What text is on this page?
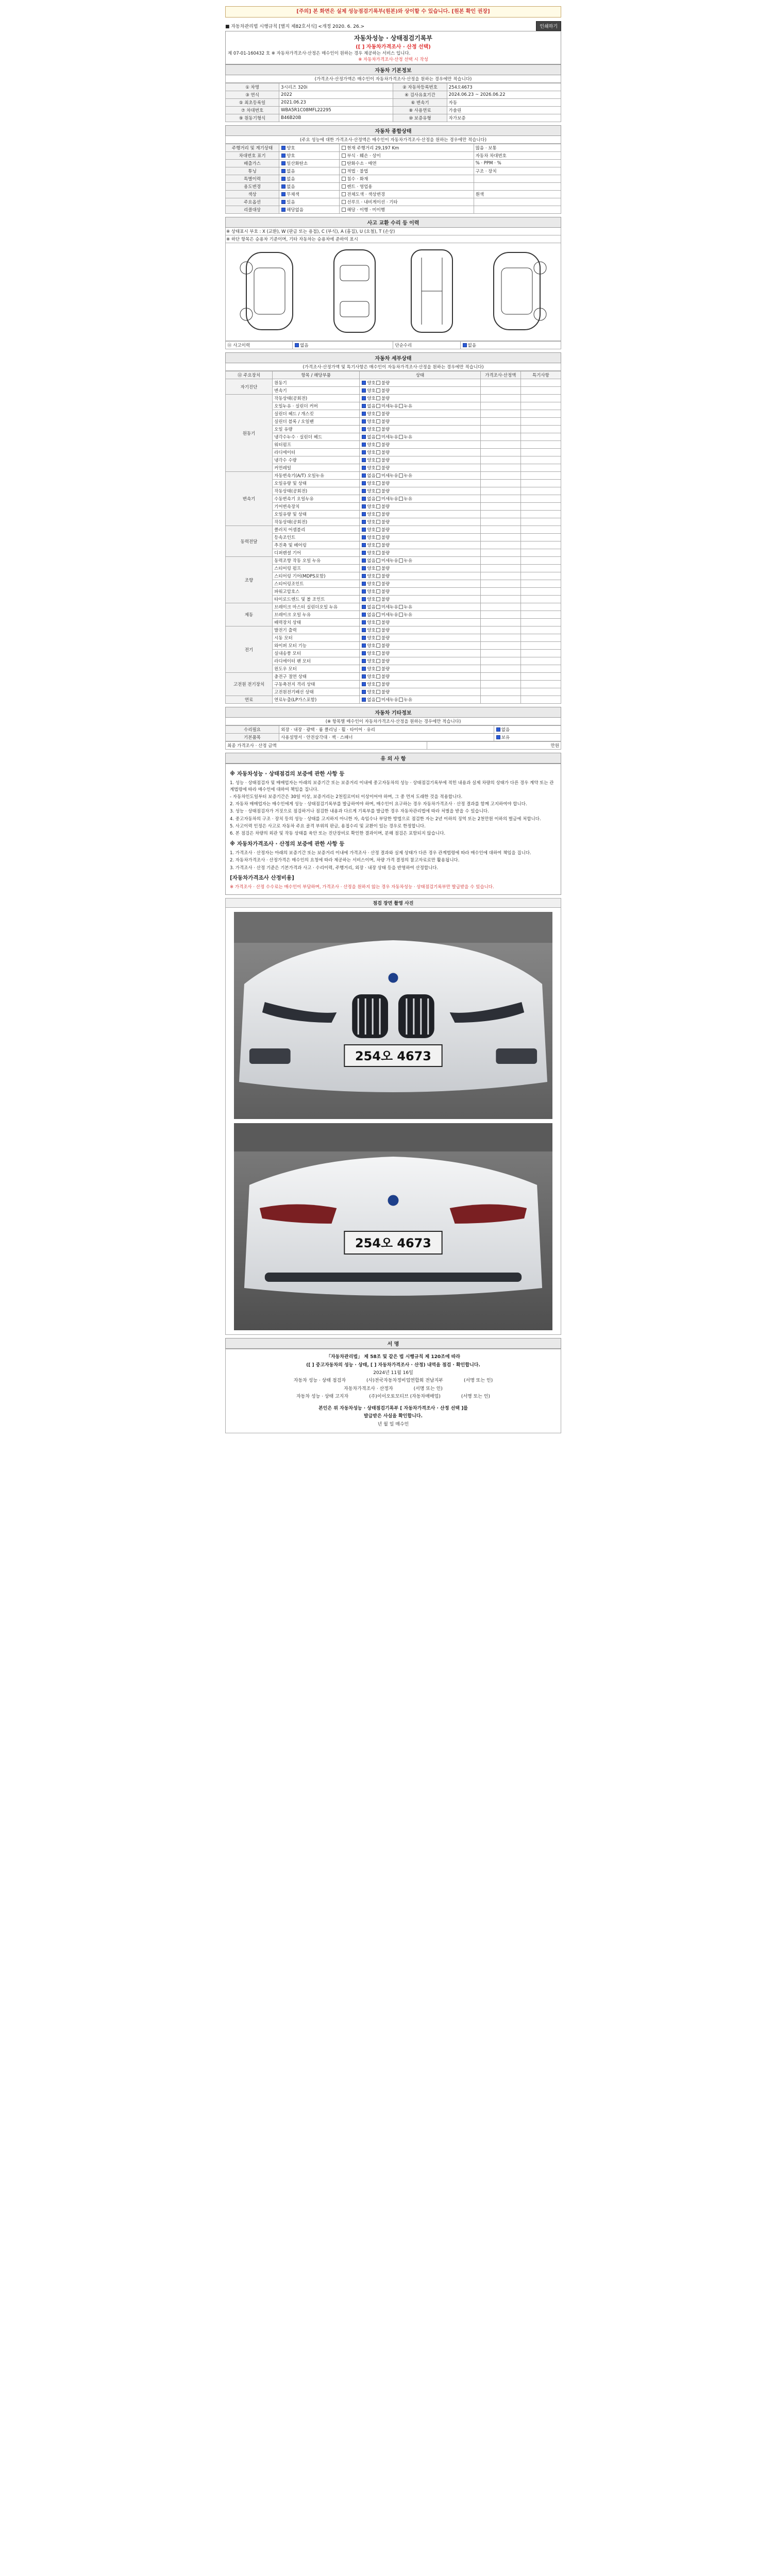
[주의] 본 화면은 실제 성능점검기록부(원본)와 상이할 수 있습니다. [원본 확인 권장]
■ 자동차관리법 시행규칙 [별지 제82호서식] <개정 2020. 6. 26.>	인쇄하기
자동차성능 · 상태점검기록부
([ ] 자동차가격조사 · 산정 선택)
제 07-01-160432 호 ※ 자동차가격조사·산정은 매수인이 원하는 경우 제공하는 서비스 입니다.
※ 자동차가격조사·산정 선택 시 작성
자동차 기본정보
(가격조사·산정가액은 매수인이 자동차가격조사·산정을 원하는 경우에만 적습니다)
① 차명	3시리즈 320i	② 자동차등록번호	254오4673
③ 연식	2022	④ 검사유효기간	2024.06.23 ~ 2026.06.22
⑤ 최초등록일	2021.06.23	⑥ 변속기	자동
⑦ 차대번호	WBA5R1C08MFL22295	⑧ 사용연료	가솔린
⑨ 원동기형식	B46B20B	⑩ 보증유형	자가보증
자동차 종합상태
(주요 성능에 대한 가격조사·산정액은 매수인이 자동차가격조사·산정을 원하는 경우에만 적습니다)
주행거리 및 계기상태	양호	현재 주행거리 29,197 Km	많음 · 보통
차대번호 표기	양호	부식 · 훼손 · 상이	자동차 차대번호
배출가스	일산화탄소	탄화수소 · 매연	% · PPM · %
튜닝	없음	적법 · 불법	구조 · 장치
특별이력	없음	침수 · 화재	
용도변경	없음	렌트 · 영업용	
색상	무채색	전체도색 · 색상변경	흰색
주요옵션	있음	선루프 · 내비게이션 · 기타	
리콜대상	해당없음	해당 · 이행 · 미이행	
사고 교환 수리 등 이력
※ 상태표시 부호 : X (교환), W (판금 또는 용접), C (부식), A (흠집), U (요철), T (손상)
※ 하단 항목은 승용차 기준이며, 기타 자동차는 승용차에 준하여 표시
⑪ 사고이력	없음	단순수리	없음
자동차 세부상태
(가격조사·산정가액 및 특기사항은 매수인이 자동차가격조사·산정을 원하는 경우에만 적습니다)
⑫ 주요장치	항목 / 해당부품	상태	가격조사·산정액	특기사항
자기진단	원동기	양호 불량		
	변속기	양호 불량		
원동기	작동상태(공회전)	양호 불량		
	오일누유 · 실린더 커버	없음 미세누유 누유		
	실린더 헤드 / 개스킷	양호 불량		
	실린더 블록 / 오일팬	양호 불량		
	오일 유량	양호 불량		
	냉각수누수 · 실린더 헤드	없음 미세누유 누유		
	워터펌프	양호 불량		
	라디에이터	양호 불량		
	냉각수 수량	양호 불량		
	커먼레일	양호 불량		
변속기	자동변속기(A/T) 오일누유	없음 미세누유 누유		
	오일유량 및 상태	양호 불량		
	작동상태(공회전)	양호 불량		
	수동변속기 오일누유	없음 미세누유 누유		
	기어변속장치	양호 불량		
	오일유량 및 상태	양호 불량		
	작동상태(공회전)	양호 불량		
동력전달	클러치 어셈블리	양호 불량		
	등속조인트	양호 불량		
	추진축 및 베어링	양호 불량		
	디퍼렌셜 기어	양호 불량		
조향	동력조향 작동 오일 누유	없음 미세누유 누유		
	스티어링 펌프	양호 불량		
	스티어링 기어(MDPS포함)	양호 불량		
	스티어링조인트	양호 불량		
	파워고압호스	양호 불량		
	타이로드엔드 및 볼 조인트	양호 불량		
제동	브레이크 마스터 실린더오일 누유	없음 미세누유 누유		
	브레이크 오일 누유	없음 미세누유 누유		
	배력장치 상태	양호 불량		
전기	발전기 출력	양호 불량		
	시동 모터	양호 불량		
	와이퍼 모터 기능	양호 불량		
	실내송풍 모터	양호 불량		
	라디에이터 팬 모터	양호 불량		
	윈도우 모터	양호 불량		
고전원 전기장치	충전구 절연 상태	양호 불량		
	구동축전지 격리 상태	양호 불량		
	고전원전기배선 상태	양호 불량		
연료	연료누출(LP가스포함)	없음 미세누유 누유		
자동차 기타정보
(※ 항목별 매수인이 자동차가격조사·산정을 원하는 경우에만 적습니다)
수리필요	외장 · 내장 · 광택 · 룸 클리닝 · 휠 · 타이어 · 유리	없음
기본품목	사용설명서 · 안전삼각대 · 잭 · 스패너	보유
최종 가격조사 · 산정 금액	만원
유 의 사 항
※ 자동차성능 · 상태점검의 보증에 관한 사항 등

1. 성능 · 상태점검자 및 매매업자는 아래의 보증기간 또는 보증거리 이내에 중고자동차의 성능 · 상태점검기록부에 적힌 내용과 실제 차량의 상태가 다른 경우 계약 또는 관계법령에 따라 매수인에 대하여 책임을 집니다.

- 자동차인도일부터 보증기간은 30일 이상, 보증거리는 2천킬로미터 이상이어야 하며, 그 중 먼저 도래한 것을 적용합니다.

2. 자동차 매매업자는 매수인에게 성능 · 상태점검기록부를 발급하여야 하며, 매수인이 요구하는 경우 자동차가격조사 · 산정 결과를 함께 고지하여야 합니다.

3. 성능 · 상태점검자가 거짓으로 점검하거나 점검한 내용과 다르게 기록부를 발급한 경우 자동차관리법에 따라 처벌을 받을 수 있습니다.

4. 중고자동차의 구조 · 장치 등의 성능 · 상태를 고지하지 아니한 자, 속임수나 부당한 방법으로 점검한 자는 2년 이하의 징역 또는 2천만원 이하의 벌금에 처합니다.

5. 사고이력 인정은 사고로 자동차 주요 골격 부위의 판금, 용접수리 및 교환이 있는 경우로 한정합니다.

6. 본 점검은 차량의 외관 및 작동 상태를 육안 또는 진단장비로 확인한 결과이며, 분해 점검은 포함되지 않습니다.

※ 자동차가격조사 · 산정의 보증에 관한 사항 등

1. 가격조사 · 산정자는 아래의 보증기간 또는 보증거리 이내에 가격조사 · 산정 결과와 실제 상태가 다른 경우 관계법령에 따라 매수인에 대하여 책임을 집니다.

2. 자동차가격조사 · 산정가격은 매수인의 요청에 따라 제공하는 서비스이며, 차량 가격 결정의 참고자료로만 활용됩니다.

3. 가격조사 · 산정 기준은 기본가격과 사고 · 수리이력, 주행거리, 외장 · 내장 상태 등을 반영하여 산정합니다.

[자동차가격조사 산정비용]

※ 가격조사 · 산정 수수료는 매수인이 부담하며, 가격조사 · 산정을 원하지 않는 경우 자동차성능 · 상태점검기록부만 발급받을 수 있습니다.

점검 장면 촬영 사진
254오 4673
254오 4673
서 명
「자동차관리법」 제 58조 및 같은 법 시행규칙 제 120조에 따라
([ ] 중고자동차의 성능 · 상태, [ ] 자동차가격조사 · 산정) 내역을 점검 · 확인합니다.
2024년 11월 16일
자동차 성능 · 상태 점검자	(사)전국자동차정비업연합회 전남지부	(서명 또는 인)
자동차가격조사 · 산정자	(서명 또는 인)
자동차 성능 · 상태 고지자	(주)이이오토모티브 (자동차매매업)	(서명 또는 인)
본인은 위 자동차성능 · 상태점검기록부 [ 자동차가격조사 · 산정 선택 ]를
발급받은 사실을 확인합니다.
년 월 일 매수인
